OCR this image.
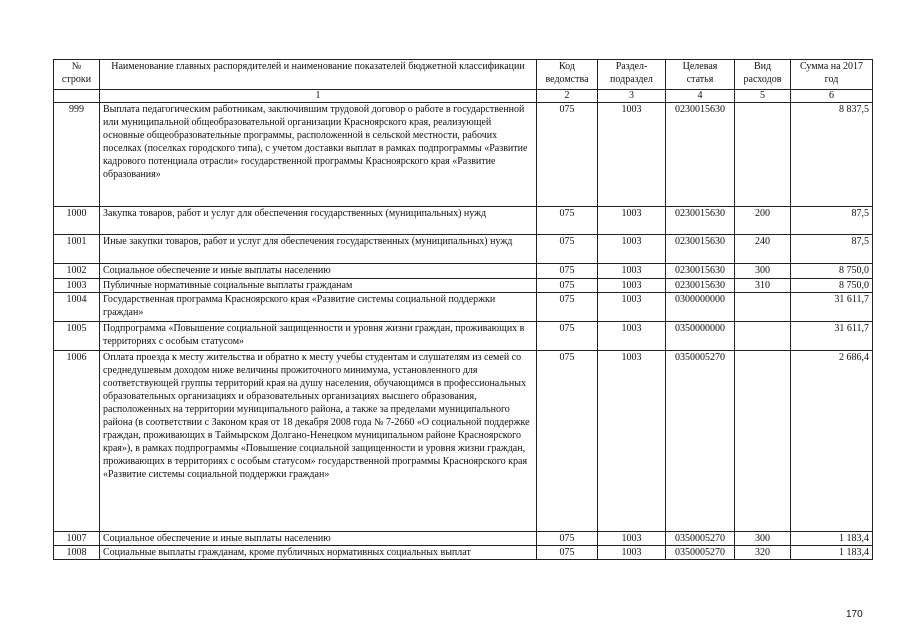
№ строки	Наименование главных распорядителей и наименование показателей бюджетной классификации	Код ведомства	Раздел-подраздел	Целевая статья	Вид расходов	Сумма на 2017 год
	1	2	3	4	5	6
999	Выплата педагогическим работникам, заключившим трудовой договор о работе в государственной или муниципальной общеобразовательной организации Красноярского края, реализующей основные общеобразовательные программы, расположенной в сельской местности, рабочих поселках (поселках городского типа), с учетом доставки выплат в рамках подпрограммы «Развитие кадрового потенциала отрасли» государственной программы Красноярского края «Развитие образования»	075	1003	0230015630		8 837,5
1000	Закупка товаров, работ и услуг для обеспечения государственных (муниципальных) нужд	075	1003	0230015630	200	87,5
1001	Иные закупки товаров, работ и услуг для обеспечения государственных (муниципальных) нужд	075	1003	0230015630	240	87,5
1002	Социальное обеспечение и иные выплаты населению	075	1003	0230015630	300	8 750,0
1003	Публичные нормативные социальные выплаты гражданам	075	1003	0230015630	310	8 750,0
1004	Государственная программа Красноярского края «Развитие системы социальной поддержки граждан»	075	1003	0300000000		31 611,7
1005	Подпрограмма «Повышение социальной защищенности и уровня жизни граждан, проживающих в территориях с особым статусом»	075	1003	0350000000		31 611,7
1006	Оплата проезда к месту жительства и обратно к месту учебы студентам и слушателям из семей со среднедушевым доходом ниже величины прожиточного минимума, установленного для соответствующей группы территорий края на душу населения, обучающимся в профессиональных образовательных организациях и образовательных организациях высшего образования, расположенных на территории муниципального района, а также за пределами муниципального района (в соответствии с Законом края от 18 декабря 2008 года № 7-2660 «О социальной поддержке граждан, проживающих в Таймырском Долгано-Ненецком муниципальном районе Красноярского края»), в рамках подпрограммы «Повышение социальной защищенности и уровня жизни граждан, проживающих в территориях с особым статусом» государственной программы Красноярского края «Развитие системы социальной поддержки граждан»	075	1003	0350005270		2 686,4
1007	Социальное обеспечение и иные выплаты населению	075	1003	0350005270	300	1 183,4
1008	Социальные выплаты гражданам, кроме публичных нормативных социальных выплат	075	1003	0350005270	320	1 183,4
170
